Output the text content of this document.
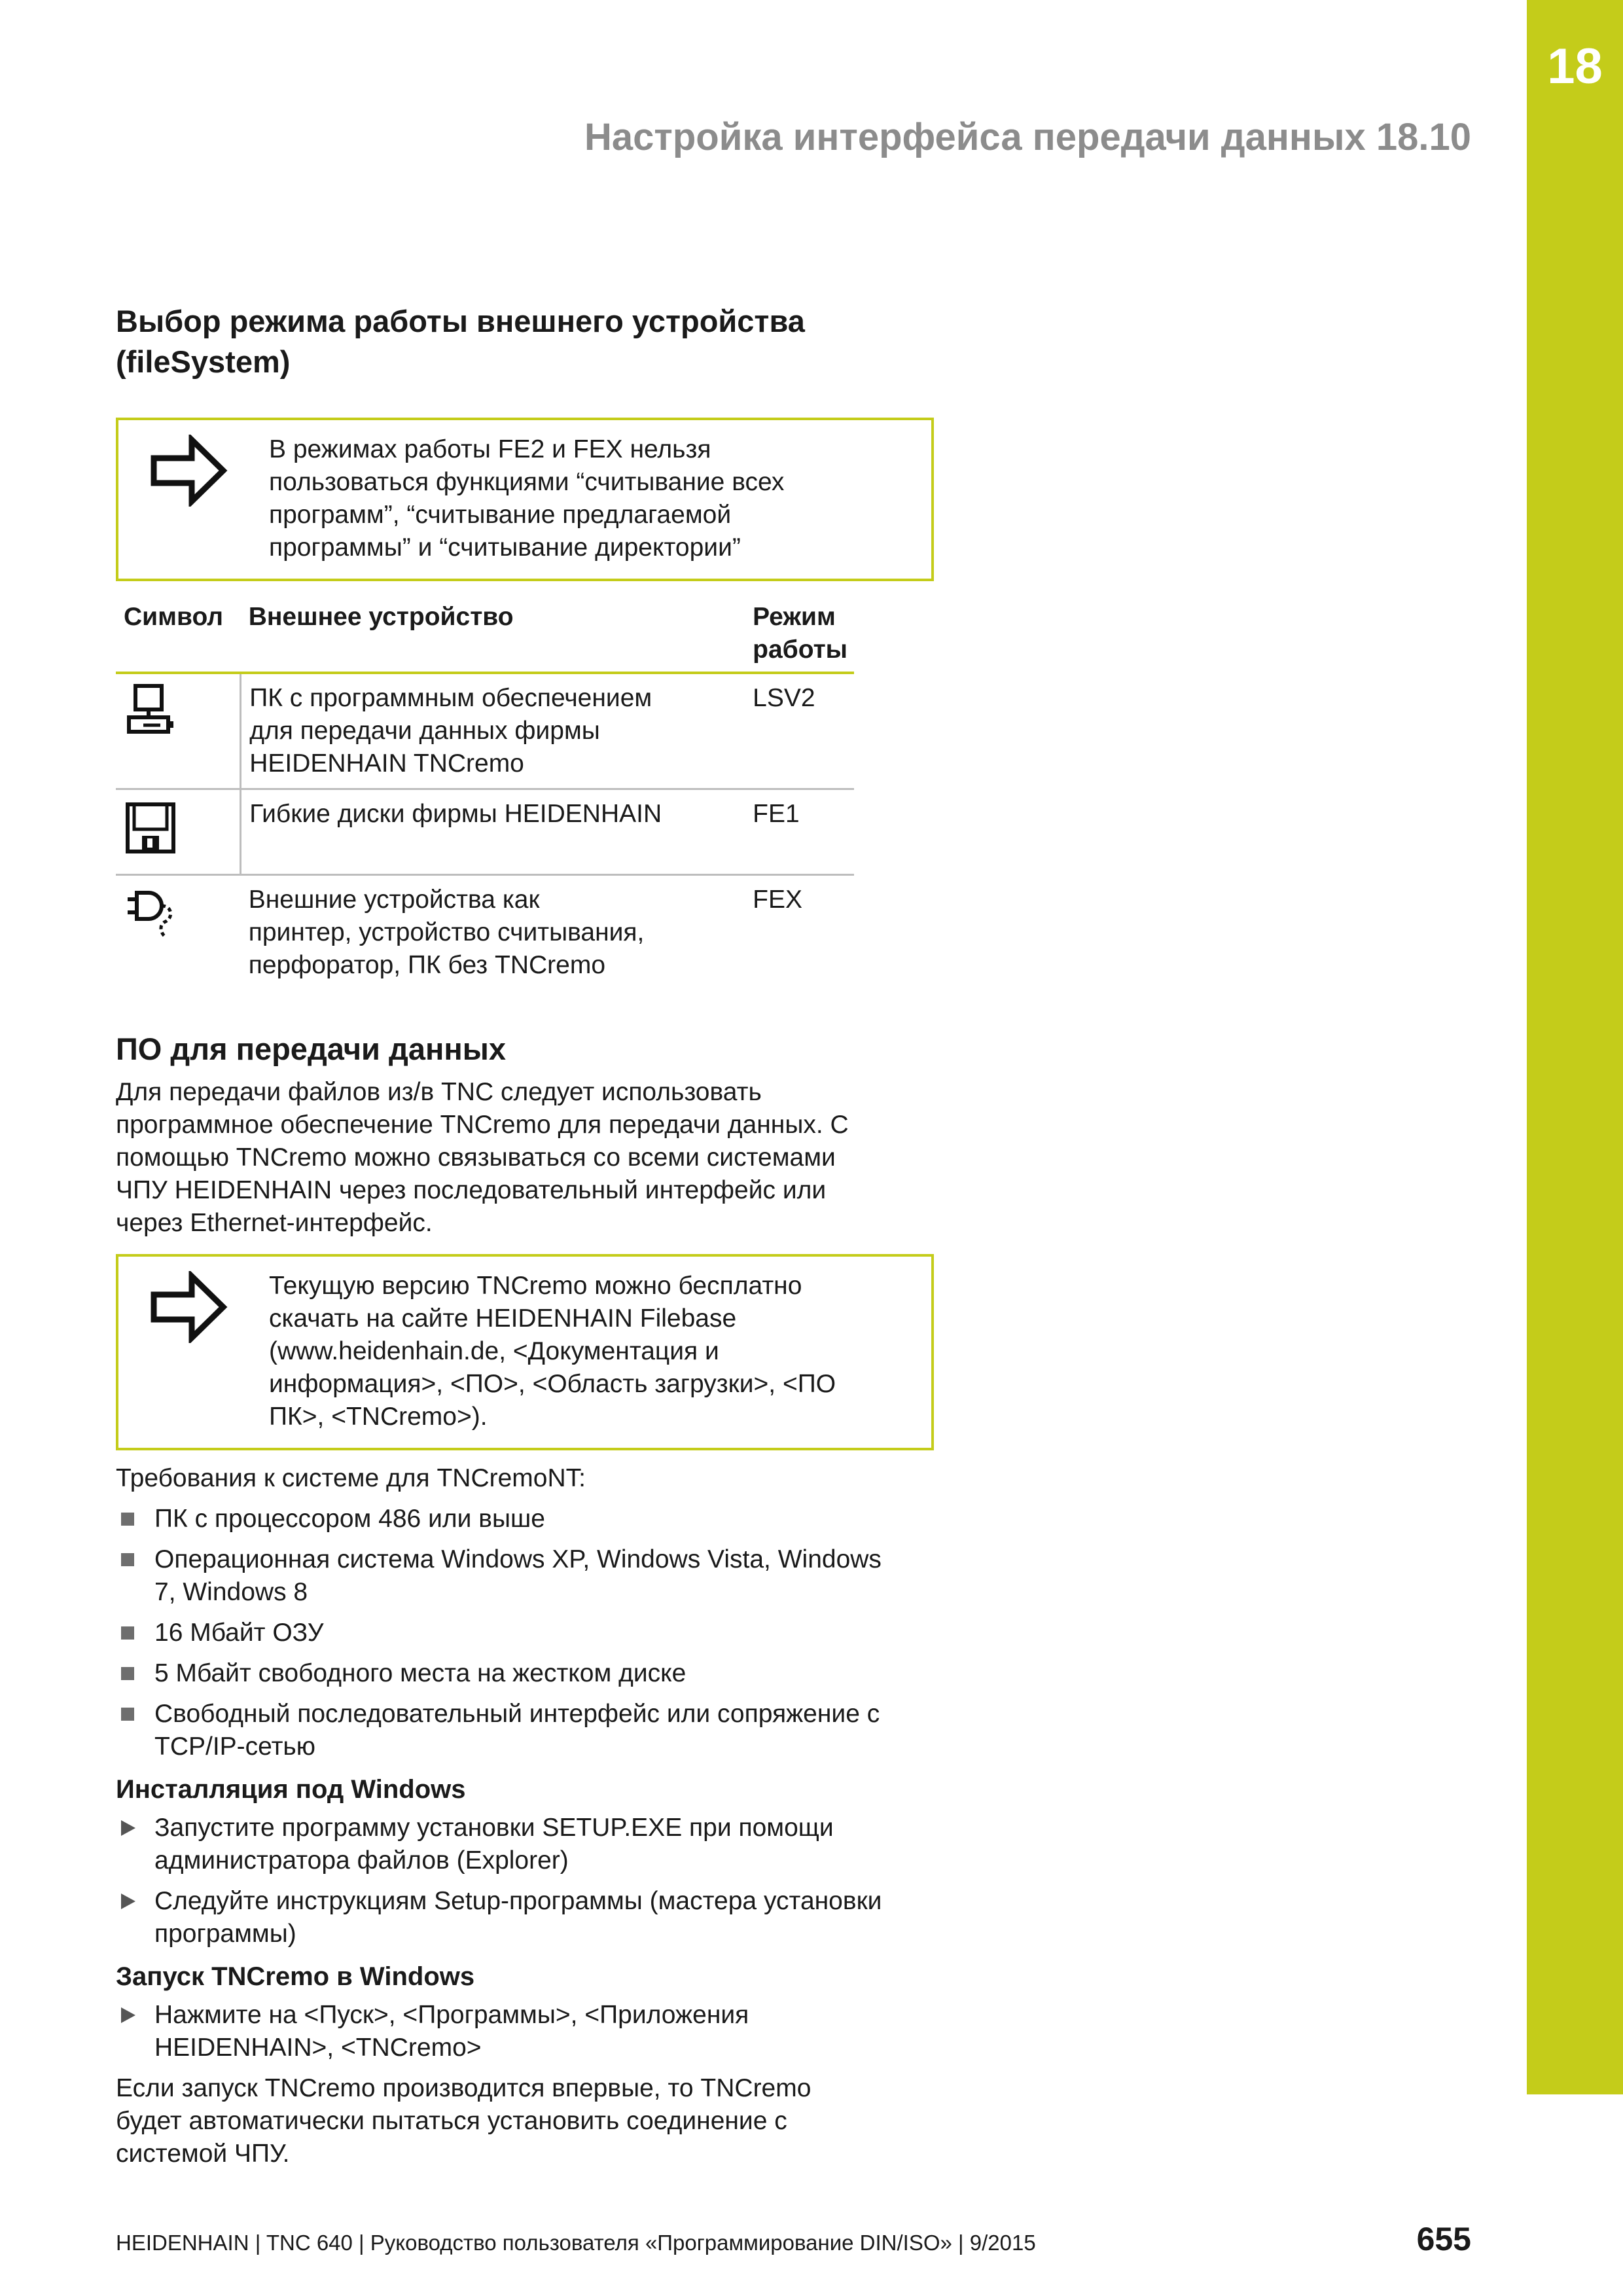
18
Настройка интерфейса передачи данных 18.10
Выбор режима работы внешнего устройства
(fileSystem)
В режимах работы FE2 и FEX нельзя
пользоваться функциями “считывание всех
программ”, “считывание предлагаемой
программы” и “считывание директории”
Символ	Внешнее устройство	Режим
работы
	ПК с программным обеспечением
для передачи данных фирмы
HEIDENHAIN TNCremo	LSV2
	Гибкие диски фирмы HEIDENHAIN	FE1
	Внешние устройства как
принтер, устройство считывания,
перфоратор, ПК без TNCremo	FEX
ПО для передачи данных

Для передачи файлов из/в TNC следует использовать
программное обеспечение TNCremo для передачи данных. С
помощью TNCremo можно связываться со всеми системами
ЧПУ HEIDENHAIN через последовательный интерфейс или
через Ethernet-интерфейс.

Текущую версию TNCremo можно бесплатно
скачать на сайте HEIDENHAIN Filebase
(www.heidenhain.de, <Документация и
информация>, <ПО>, <Область загрузки>, <ПО
ПК>, <TNCremo>).

Требования к системе для TNCremoNT:

ПК с процессором 486 или выше
Операционная система Windows XP, Windows Vista, Windows
7, Windows 8
16 Мбайт ОЗУ
5 Мбайт свободного места на жестком диске
Свободный последовательный интерфейс или сопряжение с
TCP/IP-сетью
Инсталляция под Windows
Запустите программу установки SETUP.EXE при помощи
администратора файлов (Explorer)
Следуйте инструкциям Setup-программы (мастера установки
программы)
Запуск TNCremo в Windows
Нажмите на <Пуск>, <Программы>, <Приложения
HEIDENHAIN>, <TNCremo>

Если запуск TNCremo производится впервые, то TNCremo
будет автоматически пытаться установить соединение с
системой ЧПУ.

HEIDENHAIN | TNC 640 | Руководство пользователя «Программирование DIN/ISO» | 9/2015	655
